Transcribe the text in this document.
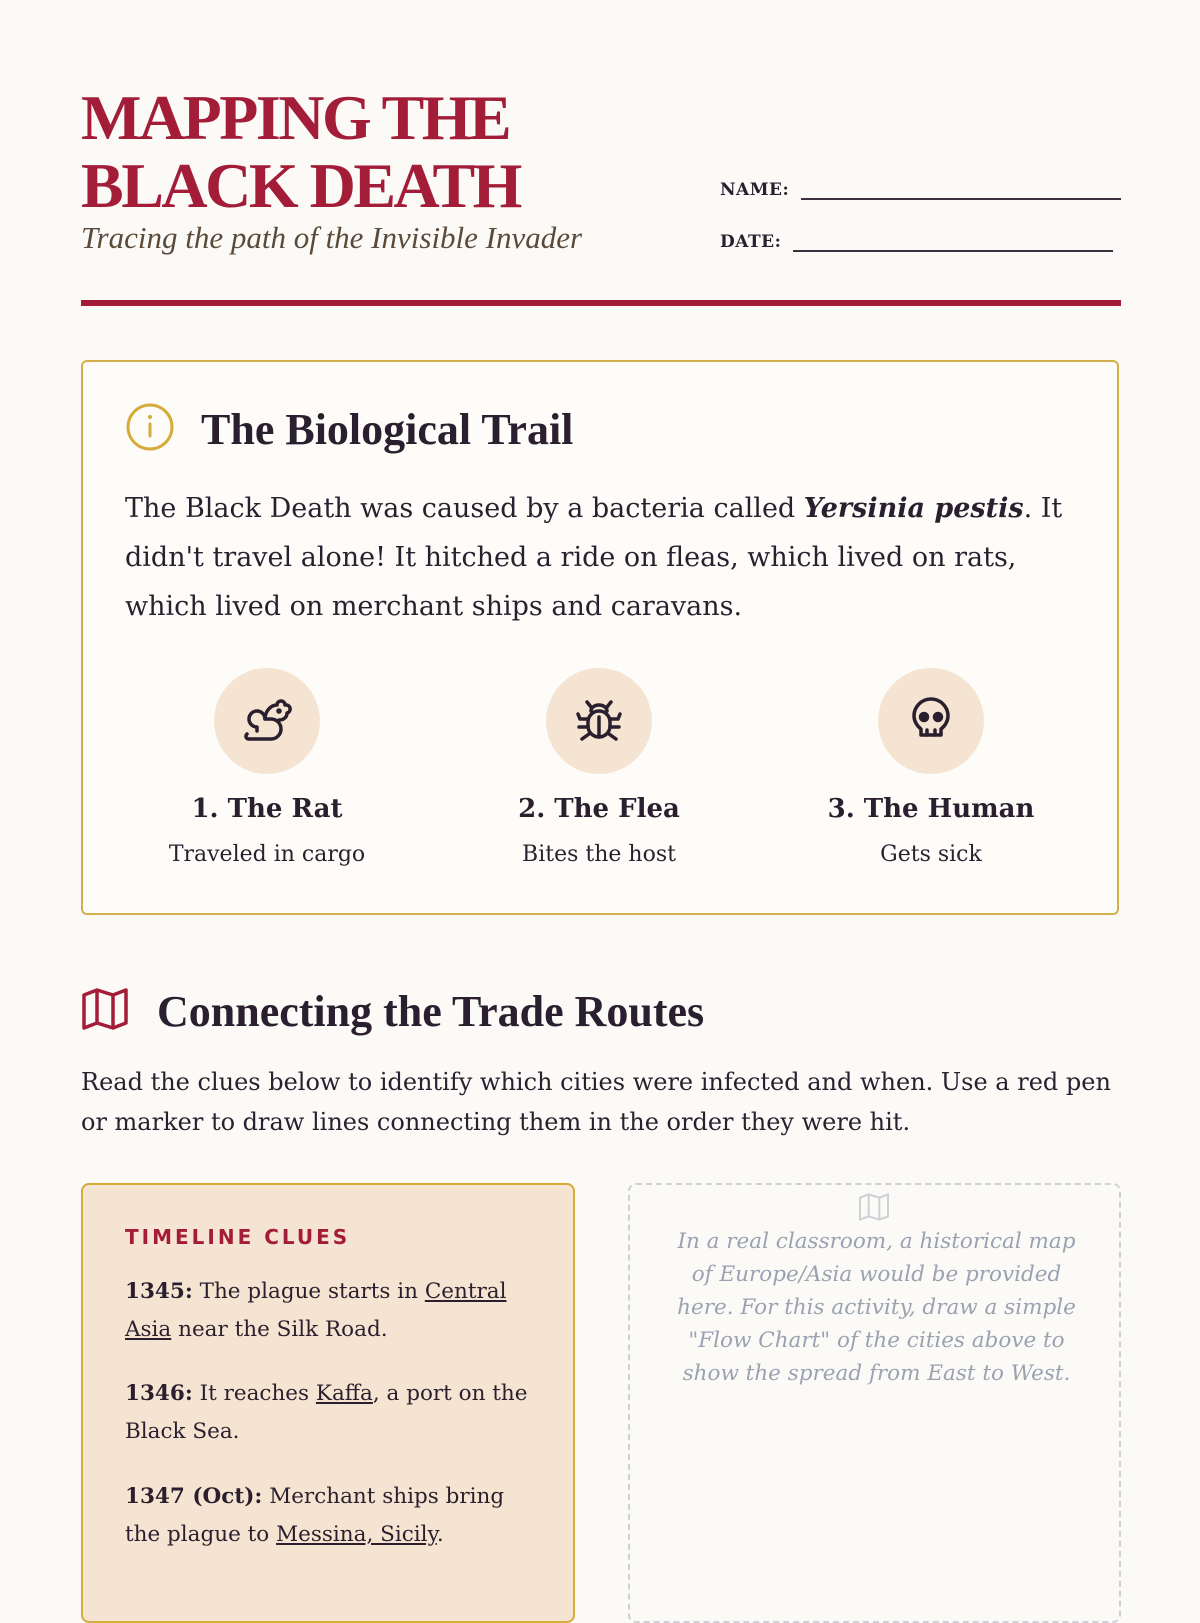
MAPPING THE BLACK DEATH

Tracing the path of the Invisible Invader

NAME:
DATE:
The Biological Trail

The Black Death was caused by a bacteria called Yersinia pestis. It didn't travel alone! It hitched a ride on fleas, which lived on rats, which lived on merchant ships and caravans.

1. The Rat
Traveled in cargo
2. The Flea
Bites the host
3. The Human
Gets sick
Connecting the Trade Routes

Read the clues below to identify which cities were infected and when. Use a red pen or marker to draw lines connecting them in the order they were hit.

TIMELINE CLUES
1345: The plague starts in Central Asia near the Silk Road.
1346: It reaches Kaffa, a port on the Black Sea.
1347 (Oct): Merchant ships bring the plague to Messina, Sicily.

In a real classroom, a historical map of Europe/Asia would be provided here. For this activity, draw a simple "Flow Chart" of the cities above to show the spread from East to West.
